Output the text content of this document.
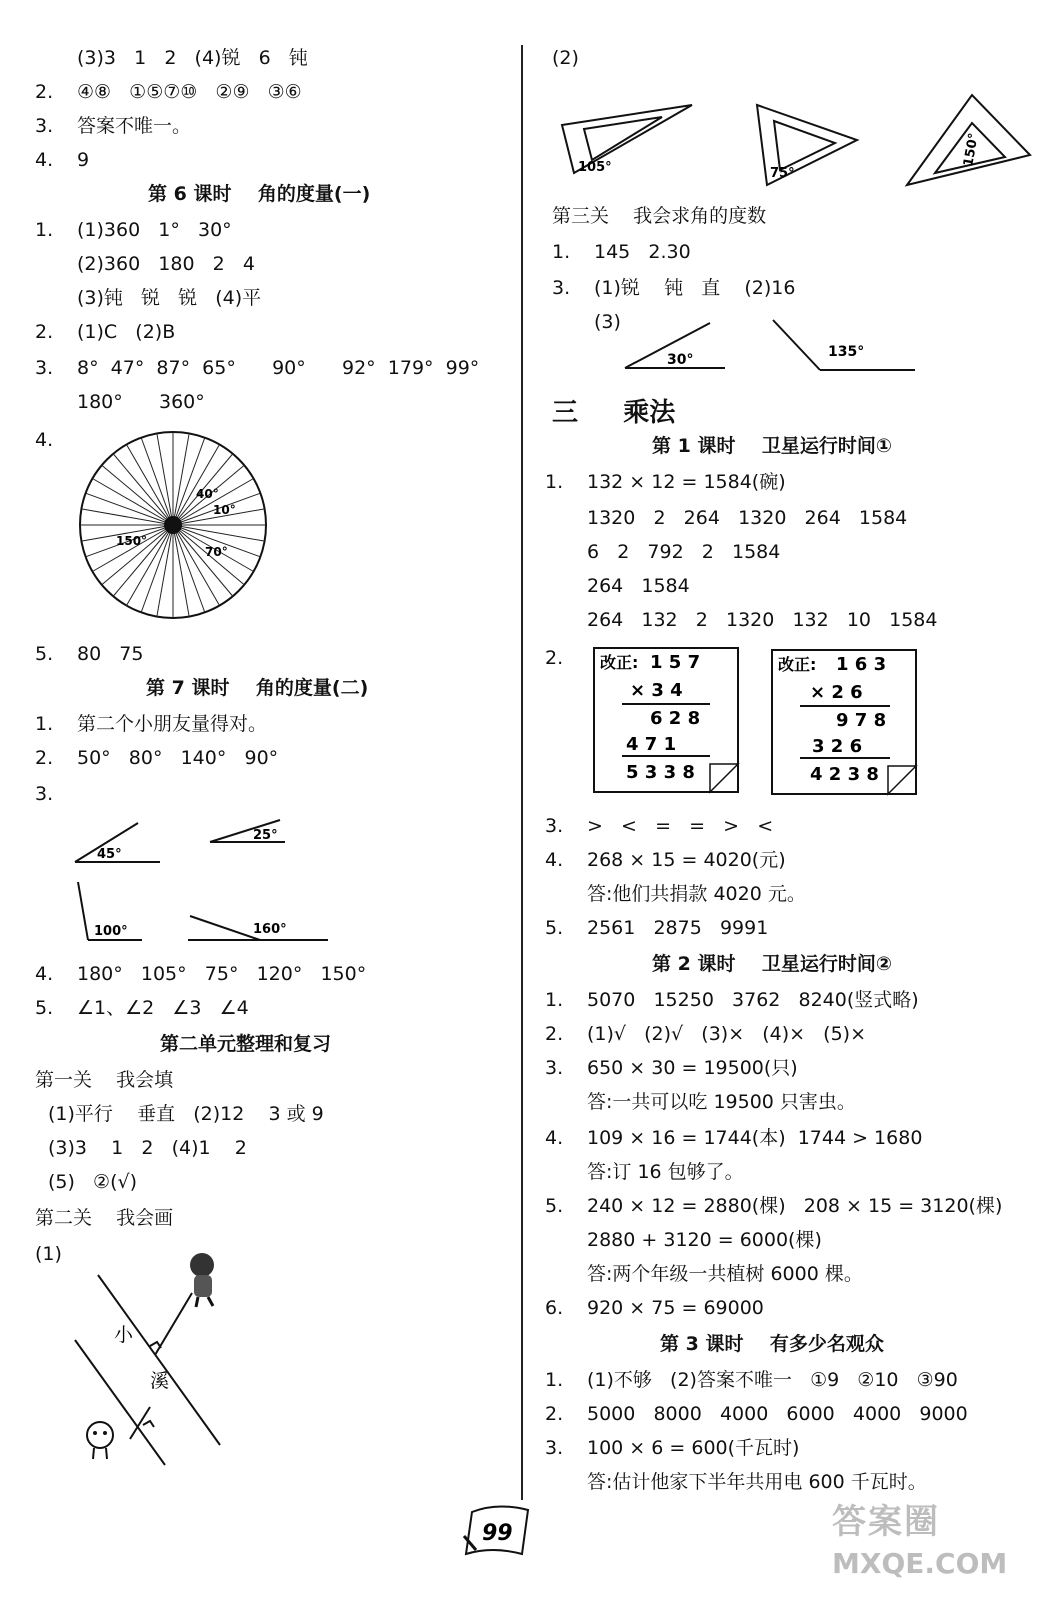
(3)3   1   2   (4)锐   6   钝
2. ④⑧   ①⑤⑦⑩   ②⑨   ③⑥
3. 答案不唯一。
4. 9
第 6 课时    角的度量(一)
1. (1)360   1°   30°
(2)360   180   2   4
(3)钝   锐   锐   (4)平
2. (1)C   (2)B
3. 8°  47°  87°  65°      90°      92°  179°  99°
180°      360°
4.
40°
10°
150°
70°
5. 80   75
第 7 课时    角的度量(二)
1. 第二个小朋友量得对。
2. 50°   80°   140°   90°
3.
45°
25°
100°	160°
4. 180°   105°   75°   120°   150°
5. ∠1、∠2   ∠3   ∠4
第二单元整理和复习
第一关    我会填
(1)平行    垂直   (2)12    3 或 9
(3)3    1   2   (4)1    2
(5)   ②(√)
第二关    我会画
(1)
小
溪
(2)
105°	75°
150°
第三关    我会求角的度数
1. 145   2.30
3. (1)锐    钝   直    (2)16
(3)
30°	135°
三     乘法
第 1 课时    卫星运行时间①
1. 132 × 12 = 1584(碗)
1320   2   264   1320   264   1584
6   2   792   2   1584
264   1584
264   132   2   1320   132   10   1584
2. 改正: 1 5 7
× 3 4
6 2 8
4 7 1
5 3 3 8
改正: 1 6 3
× 2 6
9 7 8
3 2 6
4 2 3 8
3. >   <   =   =   >   <
4. 268 × 15 = 4020(元)
答:他们共捐款 4020 元。
5. 2561   2875   9991
第 2 课时    卫星运行时间②
1. 5070   15250   3762   8240(竖式略)
2. (1)√   (2)√   (3)×   (4)×   (5)×
3. 650 × 30 = 19500(只)
答:一共可以吃 19500 只害虫。
4. 109 × 16 = 1744(本)  1744 > 1680
答:订 16 包够了。
5. 240 × 12 = 2880(棵)   208 × 15 = 3120(棵)
2880 + 3120 = 6000(棵)
答:两个年级一共植树 6000 棵。
6. 920 × 75 = 69000
第 3 课时    有多少名观众
1. (1)不够   (2)答案不唯一   ①9   ②10   ③90
2. 5000   8000   4000   6000   4000   9000
3. 100 × 6 = 600(千瓦时)
答:估计他家下半年共用电 600 千瓦时。
99	答案圈
MXQE.COM
